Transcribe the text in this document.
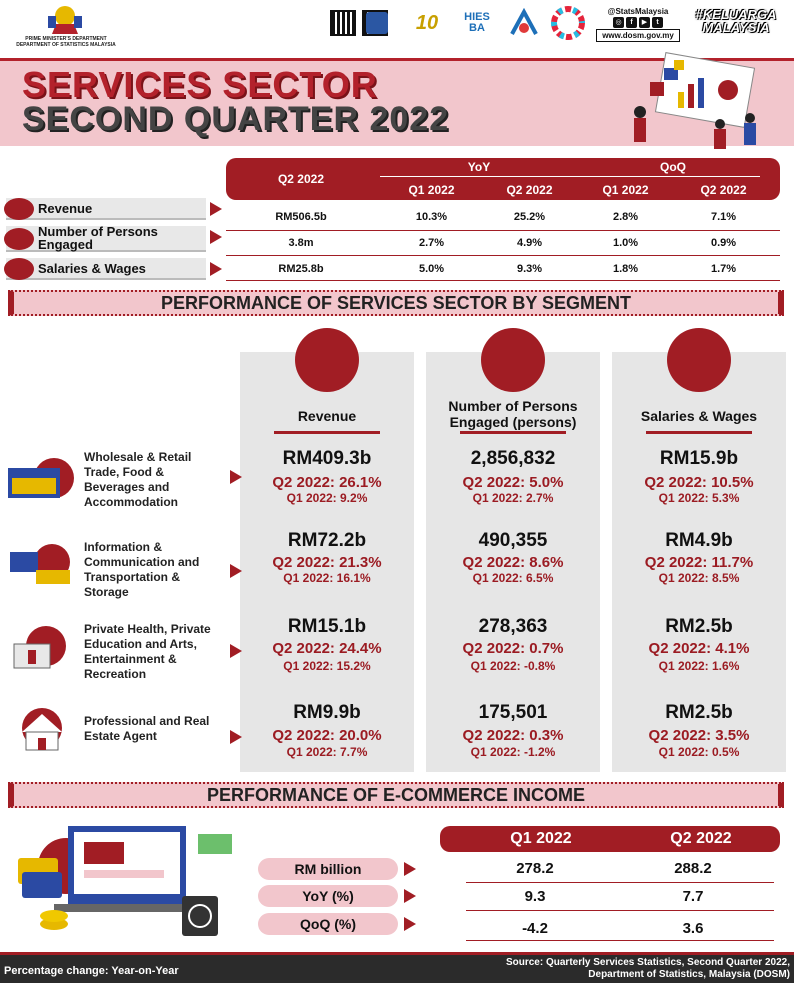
PRIME MINISTER'S DEPARTMENT
DEPARTMENT OF STATISTICS MALAYSIA
10	HIES BA
@StatsMalaysia
◎	f	▶	t
www.dosm.gov.my
#KELUARGA MALAYSIA
SERVICES SECTOR
SECOND QUARTER 2022
Q2 2022
YoY	QoQ
Q1 2022	Q2 2022	Q1 2022	Q2 2022
Revenue
RM506.5b	10.3%	25.2%	2.8%	7.1%
Number of Persons Engaged	3.8m	2.7%	4.9%	1.0%	0.9%
Salaries & Wages	RM25.8b	5.0%	9.3%	1.8%	1.7%
PERFORMANCE OF SERVICES SECTOR BY SEGMENT
Revenue
Number of Persons Engaged (persons)	Salaries & Wages
Wholesale & Retail Trade, Food & Beverages and Accommodation
RM409.3b
Q2 2022: 26.1%
Q1 2022: 9.2%
2,856,832
Q2 2022: 5.0%
Q1 2022: 2.7%
RM15.9b
Q2 2022: 10.5%
Q1 2022: 5.3%
Information & Communication and Transportation & Storage
RM72.2b
Q2 2022: 21.3%
Q1 2022: 16.1%
490,355
Q2 2022: 8.6%
Q1 2022: 6.5%
RM4.9b
Q2 2022: 11.7%
Q1 2022: 8.5%
Private Health, Private Education and Arts, Entertainment & Recreation
RM15.1b
Q2 2022: 24.4%
Q1 2022: 15.2%
278,363
Q2 2022: 0.7%
Q1 2022: -0.8%
RM2.5b
Q2 2022: 4.1%
Q1 2022: 1.6%
Professional and Real Estate Agent
RM9.9b
Q2 2022: 20.0%
Q1 2022: 7.7%
175,501
Q2 2022: 0.3%
Q1 2022: -1.2%
RM2.5b
Q2 2022: 3.5%
Q1 2022: 0.5%
PERFORMANCE OF E-COMMERCE INCOME
Q1 2022	Q2 2022
RM billion	278.2	288.2
YoY (%)	9.3	7.7
QoQ (%)	-4.2	3.6
Percentage change: Year-on-Year
Source: Quarterly Services Statistics, Second Quarter 2022,
Department of Statistics, Malaysia (DOSM)
